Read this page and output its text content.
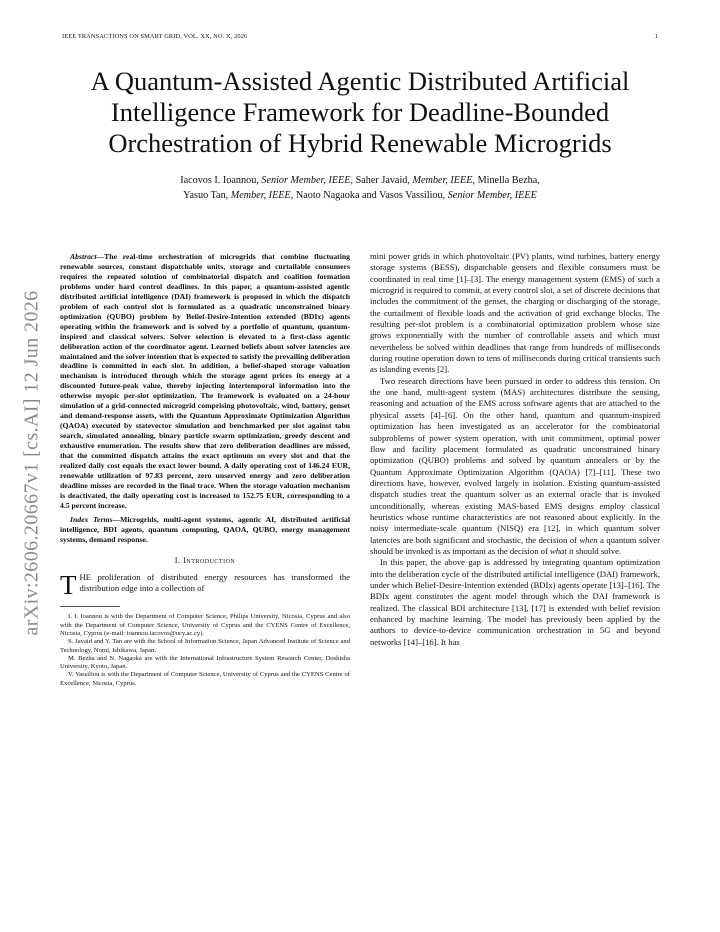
IEEE TRANSACTIONS ON SMART GRID, VOL. XX, NO. X, 2026	1
A Quantum-Assisted Agentic Distributed Artificial Intelligence Framework for Deadline-Bounded Orchestration of Hybrid Renewable Microgrids
Iacovos I. Ioannou, Senior Member, IEEE, Saher Javaid, Member, IEEE, Minella Bezha,
Yasuo Tan, Member, IEEE, Naoto Nagaoka and Vasos Vassiliou, Senior Member, IEEE
arXiv:2606.20667v1 [cs.AI] 12 Jun 2026

Abstract—The real-time orchestration of microgrids that combine fluctuating renewable sources, constant dispatchable units, storage and curtailable consumers requires the repeated solution of combinatorial dispatch and coalition formation problems under hard control deadlines. In this paper, a quantum-assisted agentic distributed artificial intelligence (DAI) framework is proposed in which the dispatch problem of each control slot is formulated as a quadratic unconstrained binary optimization (QUBO) problem by Belief-Desire-Intention extended (BDIx) agents operating within the framework and is solved by a portfolio of quantum, quantum-inspired and classical solvers. Solver selection is elevated to a first-class agentic deliberation action of the coordinator agent. Learned beliefs about solver latencies are maintained and the solver intention that is expected to satisfy the prevailing deliberation deadline is committed in each slot. In addition, a belief-shaped storage valuation mechanism is introduced through which the storage agent prices its energy at a discounted future-peak value, thereby injecting intertemporal information into the otherwise myopic per-slot optimization. The framework is evaluated on a 24-hour simulation of a grid-connected microgrid comprising photovoltaic, wind, battery, genset and demand-response assets, with the Quantum Approximate Optimization Algorithm (QAOA) executed by statevector simulation and benchmarked per slot against tabu search, simulated annealing, binary particle swarm optimization, greedy descent and exhaustive enumeration. The results show that zero deliberation deadlines are missed, that the committed dispatch attains the exact optimum on every slot and that the realized daily cost equals the exact lower bound. A daily operating cost of 146.24 EUR, renewable utilization of 97.83 percent, zero unserved energy and zero deliberation deadline misses are recorded in the final trace. When the storage valuation mechanism is deactivated, the daily operating cost is increased to 152.75 EUR, corresponding to a 4.5 percent increase.

Index Terms—Microgrids, multi-agent systems, agentic AI, distributed artificial intelligence, BDI agents, quantum computing, QAOA, QUBO, energy management systems, demand response.

I. Introduction

THE proliferation of distributed energy resources has transformed the distribution edge into a collection of

I. I. Ioannou is with the Department of Computer Science, Philips University, Nicosia, Cyprus and also with the Department of Computer Science, University of Cyprus and the CYENS Centre of Excellence, Nicosia, Cyprus (e-mail: ioannou.iacovos@ucy.ac.cy).

S. Javaid and Y. Tan are with the School of Information Science, Japan Advanced Institute of Science and Technology, Nomi, Ishikawa, Japan.

M. Bezha and N. Nagaoka are with the International Infrastructure System Research Center, Doshisha University, Kyoto, Japan.

V. Vassiliou is with the Department of Computer Science, University of Cyprus and the CYENS Centre of Excellence, Nicosia, Cyprus.

mini power grids in which photovoltaic (PV) plants, wind turbines, battery energy storage systems (BESS), dispatchable gensets and flexible consumers must be coordinated in real time [1]–[3]. The energy management system (EMS) of such a microgrid is required to commit, at every control slot, a set of discrete decisions that includes the commitment of the genset, the charging or discharging of the storage, the curtailment of flexible loads and the activation of grid exchange blocks. The resulting per-slot problem is a combinatorial optimization problem whose size grows exponentially with the number of controllable assets and which must nevertheless be solved within deadlines that range from hundreds of milliseconds during routine operation down to tens of milliseconds during critical transients such as islanding events [2].

Two research directions have been pursued in order to address this tension. On the one hand, multi-agent system (MAS) architectures distribute the sensing, reasoning and actuation of the EMS across software agents that are attached to the physical assets [4]–[6]. On the other hand, quantum and quantum-inspired optimization has been investigated as an accelerator for the combinatorial subproblems of power system operation, with unit commitment, optimal power flow and facility placement formulated as quadratic unconstrained binary optimization (QUBO) problems and solved by quantum annealers or by the Quantum Approximate Optimization Algorithm (QAOA) [7]–[11]. These two directions have, however, evolved largely in isolation. Existing quantum-assisted dispatch studies treat the quantum solver as an external oracle that is invoked unconditionally, whereas existing MAS-based EMS designs employ classical heuristics whose runtime characteristics are not reasoned about explicitly. In the noisy intermediate-scale quantum (NISQ) era [12], in which quantum solver latencies are both significant and stochastic, the decision of when a quantum solver should be invoked is as important as the decision of what it should solve.

In this paper, the above gap is addressed by integrating quantum optimization into the deliberation cycle of the distributed artificial intelligence (DAI) framework, under which Belief-Desire-Intention extended (BDIx) agents operate [13]–[16]. The BDIx agent constitutes the agent model through which the DAI framework is realized. The classical BDI architecture [13], [17] is extended with belief revision enhanced by machine learning. The model has previously been applied by the authors to device-to-device communication orchestration in 5G and beyond networks [14]–[16]. It has
